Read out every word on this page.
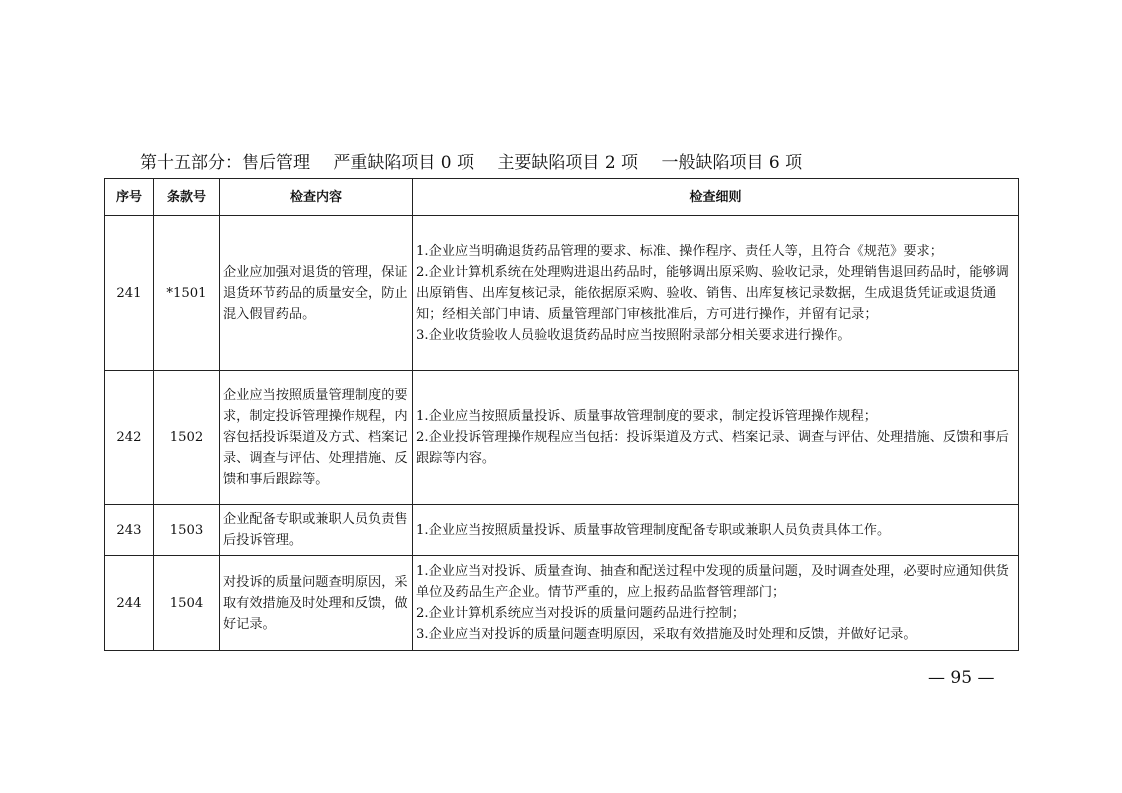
第十五部分：售后管理 严重缺陷项目 0 项 主要缺陷项目 2 项 一般缺陷项目 6 项
序号	条款号	检查内容	检查细则
241	*1501	企业应加强对退货的管理，保证退货环节药品的质量安全，防止混入假冒药品。	1.企业应当明确退货药品管理的要求、标准、操作程序、责任人等，且符合《规范》要求；
2.企业计算机系统在处理购进退出药品时，能够调出原采购、验收记录，处理销售退回药品时，能够调出原销售、出库复核记录，能依据原采购、验收、销售、出库复核记录数据，生成退货凭证或退货通知；经相关部门申请、质量管理部门审核批准后，方可进行操作，并留有记录；
3.企业收货验收人员验收退货药品时应当按照附录部分相关要求进行操作。

242	1502	企业应当按照质量管理制度的要求，制定投诉管理操作规程，内容包括投诉渠道及方式、档案记录、调查与评估、处理措施、反馈和事后跟踪等。	1.企业应当按照质量投诉、质量事故管理制度的要求，制定投诉管理操作规程；
2.企业投诉管理操作规程应当包括：投诉渠道及方式、档案记录、调查与评估、处理措施、反馈和事后跟踪等内容。

243	1503	企业配备专职或兼职人员负责售后投诉管理。	1.企业应当按照质量投诉、质量事故管理制度配备专职或兼职人员负责具体工作。

244	1504	对投诉的质量问题查明原因，采取有效措施及时处理和反馈，做好记录。	1.企业应当对投诉、质量查询、抽查和配送过程中发现的质量问题，及时调查处理，必要时应通知供货单位及药品生产企业。情节严重的，应上报药品监督管理部门；
2.企业计算机系统应当对投诉的质量问题药品进行控制；
3.企业应当对投诉的质量问题查明原因，采取有效措施及时处理和反馈，并做好记录。
— 95 —
